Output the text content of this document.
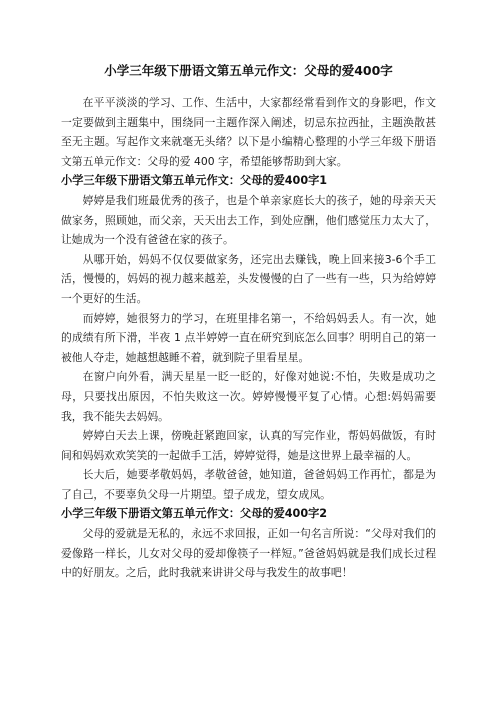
小学三年级下册语文第五单元作文：父母的爱400字

在平平淡淡的学习、工作、生活中，大家都经常看到作文的身影吧，作文一定要做到主题集中，围绕同一主题作深入阐述，切忌东拉西扯，主题涣散甚至无主题。写起作文来就毫无头绪？以下是小编精心整理的小学三年级下册语文第五单元作文：父母的爱 400 字，希望能够帮助到大家。

小学三年级下册语文第五单元作文：父母的爱400字1

婷婷是我们班最优秀的孩子，也是个单亲家庭长大的孩子，她的母亲天天做家务，照顾她，而父亲，天天出去工作，到处应酬，他们感觉压力太大了，让她成为一个没有爸爸在家的孩子。

从哪开始，妈妈不仅仅要做家务，还完出去赚钱，晚上回来接3-6个手工活，慢慢的，妈妈的视力越来越差，头发慢慢的白了一些有一些，只为给婷婷一个更好的生活。

而婷婷，她很努力的学习，在班里排名第一，不给妈妈丢人。有一次，她的成绩有所下滑，半夜 1 点半婷婷一直在研究到底怎么回事？明明自己的第一被他人夺走，她越想越睡不着，就到院子里看星星。

在窗户向外看，满天星星一眨一眨的，好像对她说:不怕，失败是成功之母，只要找出原因，不怕失败这一次。婷婷慢慢平复了心情。心想:妈妈需要我，我不能失去妈妈。

婷婷白天去上课，傍晚赶紧跑回家，认真的写完作业，帮妈妈做饭，有时间和妈妈欢欢笑笑的一起做手工活，婷婷觉得，她是这世界上最幸福的人。

长大后，她要孝敬妈妈，孝敬爸爸，她知道，爸爸妈妈工作再忙，都是为了自己，不要辜负父母一片期望。望子成龙，望女成凤。

小学三年级下册语文第五单元作文：父母的爱400字2

父母的爱就是无私的，永远不求回报，正如一句名言所说：“父母对我们的爱像路一样长，儿女对父母的爱却像筷子一样短。”爸爸妈妈就是我们成长过程中的好朋友。之后，此时我就来讲讲父母与我发生的故事吧！
